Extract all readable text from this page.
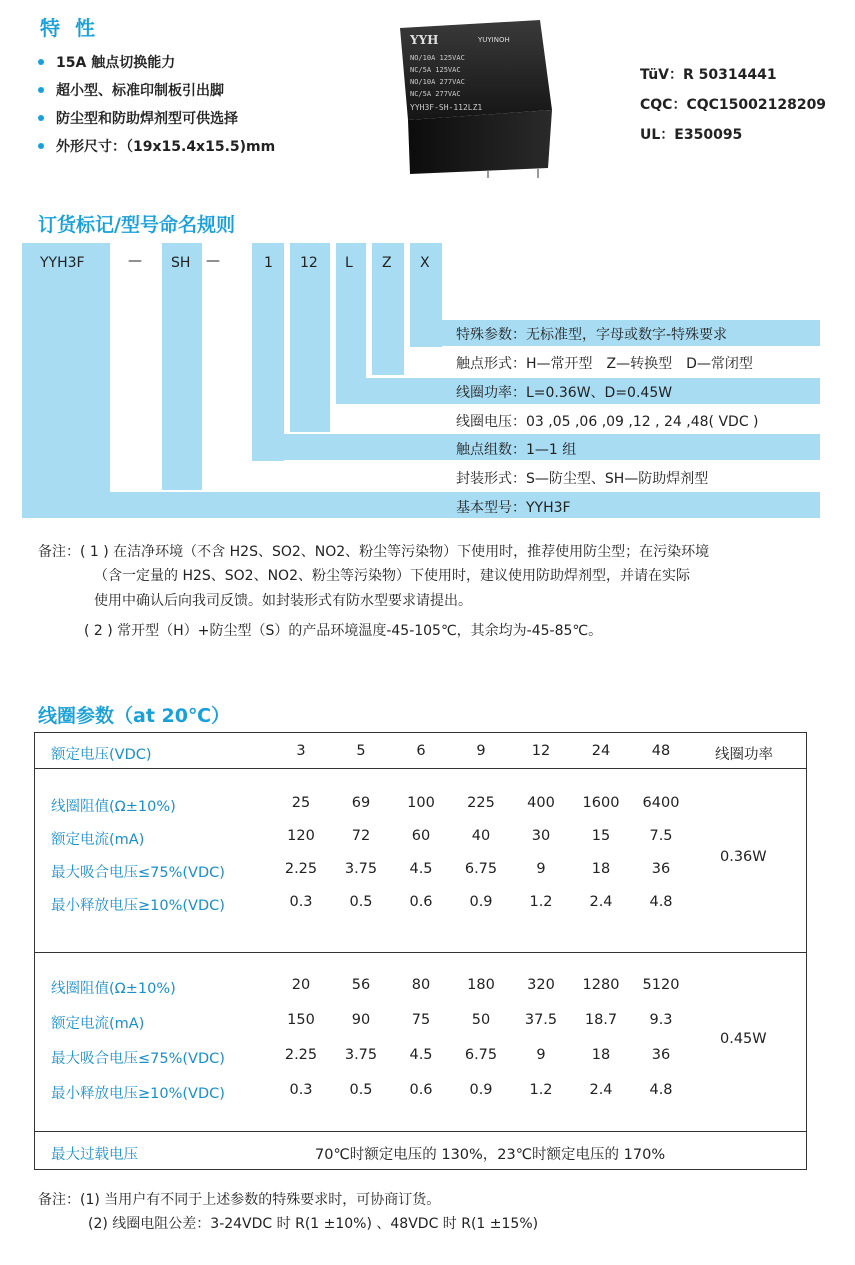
特 性
15A 触点切换能力
超小型、标准印制板引出脚
防尘型和防助焊剂型可供选择
外形尺寸：（19x15.4x15.5)mm
YYH	YUYINOH
NO/10A 125VAC
NC/5A 125VAC
NO/10A 277VAC
NC/5A 277VAC
YYH3F-SH-112LZ1
TüV：R 50314441
CQC：CQC15002128209
UL：E350095
订货标记/型号命名规则
YYH3F	— SH —	1 12 L Z X
特殊参数：无标准型，字母或数字-特殊要求
触点形式：H—常开型　Z—转换型　D—常闭型
线圈功率：L=0.36W、D=0.45W
线圈电压：03 ,05 ,06 ,09 ,12 , 24 ,48( VDC )
触点组数：1—1 组
封装形式：S—防尘型、SH—防助焊剂型
基本型号：YYH3F
备注：( 1 ) 在洁净环境（不含 H2S、SO2、NO2、粉尘等污染物）下使用时，推荐使用防尘型；在污染环境
（含一定量的 H2S、SO2、NO2、粉尘等污染物）下使用时，建议使用防助焊剂型，并请在实际
使用中确认后向我司反馈。如封装形式有防水型要求请提出。
( 2 ) 常开型（H）+防尘型（S）的产品环境温度-45-105℃，其余均为-45-85℃。
线圈参数（at 20℃）
额定电压(VDC)	3	5	6	9	12	24	48	线圈功率
线圈阻值(Ω±10%)	25	69	100	225	400	1600	6400
额定电流(mA)	120	72	60	40	30	15	7.5
最大吸合电压≤75%(VDC)	2.25	3.75	4.5	6.75	9	18	36
最小释放电压≥10%(VDC)	0.3	0.5	0.6	0.9	1.2	2.4	4.8
0.36W
线圈阻值(Ω±10%)	20	56	80	180	320	1280	5120
额定电流(mA)	150	90	75	50	37.5	18.7	9.3
最大吸合电压≤75%(VDC)	2.25	3.75	4.5	6.75	9	18	36
最小释放电压≥10%(VDC)	0.3	0.5	0.6	0.9	1.2	2.4	4.8
0.45W
最大过载电压	70℃时额定电压的 130%，23℃时额定电压的 170%
备注：(1) 当用户有不同于上述参数的特殊要求时，可协商订货。
(2) 线圈电阻公差：3-24VDC 时 R(1 ±10%) 、48VDC 时 R(1 ±15%)
